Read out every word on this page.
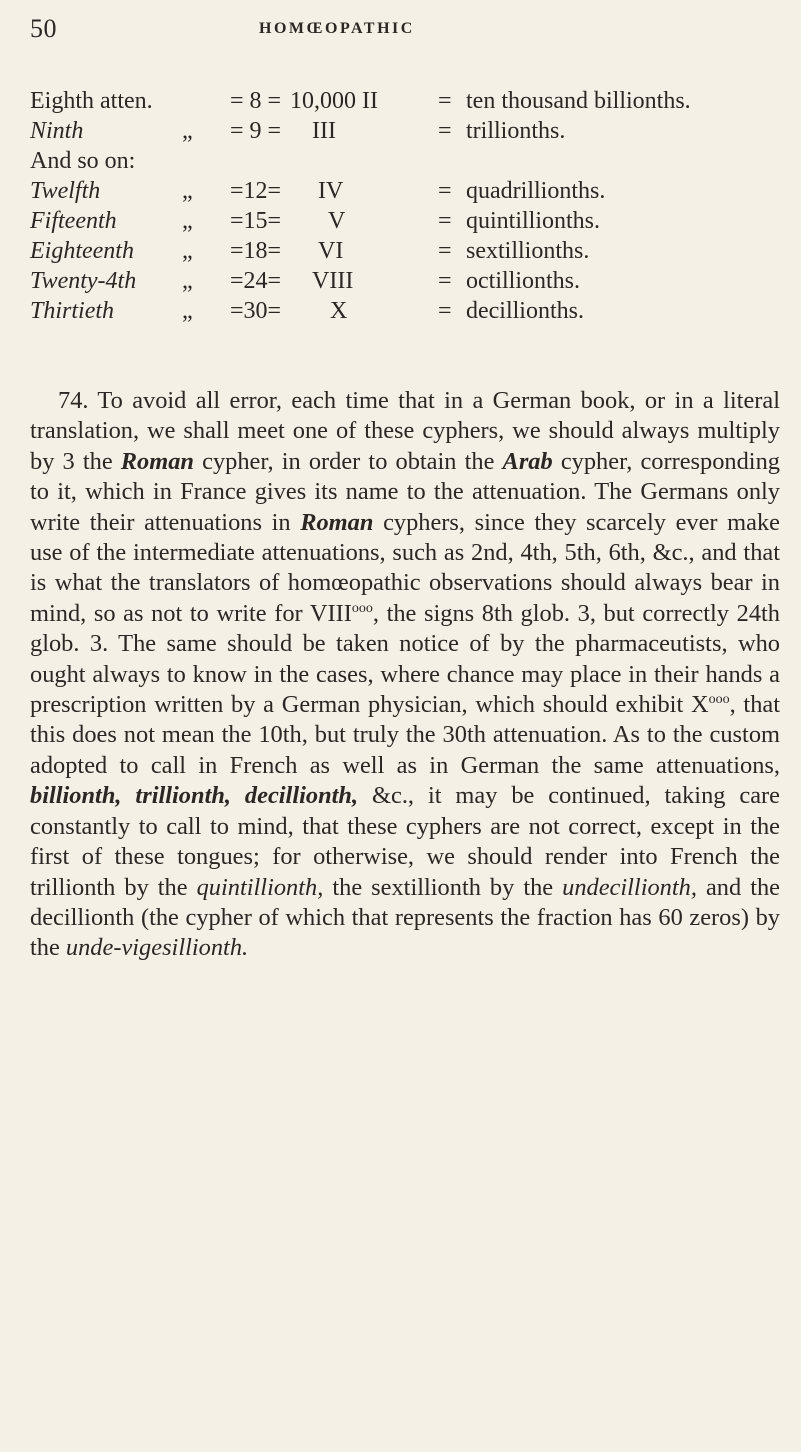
50	HOMŒOPATHIC
Eighth atten.	= 8 = 10,000 II	= ten thousand billionths.
Ninth	„ = 9 = III	= trillionths.
And so on:
Twelfth	„ =12= IV	= quadrillionths.
Fifteenth	„ =15= V	= quintillionths.
Eighteenth „ =18= VI	= sextillionths.
Twenty-4th „ =24= VIII	= octillionths.
Thirtieth	„ =30= X	= decillionths.

74. To avoid all error, each time that in a German book, or in a literal translation, we shall meet one of these cyphers, we should always multiply by 3 the Roman cypher, in order to obtain the Arab cypher, corresponding to it, which in France gives its name to the attenuation. The Germans only write their attenuations in Roman cyphers, since they scarcely ever make use of the intermediate attenuations, such as 2nd, 4th, 5th, 6th, &c., and that is what the translators of homœopathic observations should always bear in mind, so as not to write for $VIII^{ooo}$, the signs 8th glob. 3, but correctly 24th glob. 3. The same should be taken notice of by the pharmaceutists, who ought always to know in the cases, where chance may place in their hands a prescription written by a German physician, which should exhibit $X^{ooo}$, that this does not mean the 10th, but truly the 30th attenuation. As to the custom adopted to call in French as well as in German the same attenuations, billionth, trillionth, decillionth, &c., it may be continued, taking care constantly to call to mind, that these cyphers are not correct, except in the first of these tongues; for otherwise, we should render into French the trillionth by the quintillionth, the sextillionth by the undecillionth, and the decillionth (the cypher of which that represents the fraction has 60 zeros) by the unde-vigesillionth.
